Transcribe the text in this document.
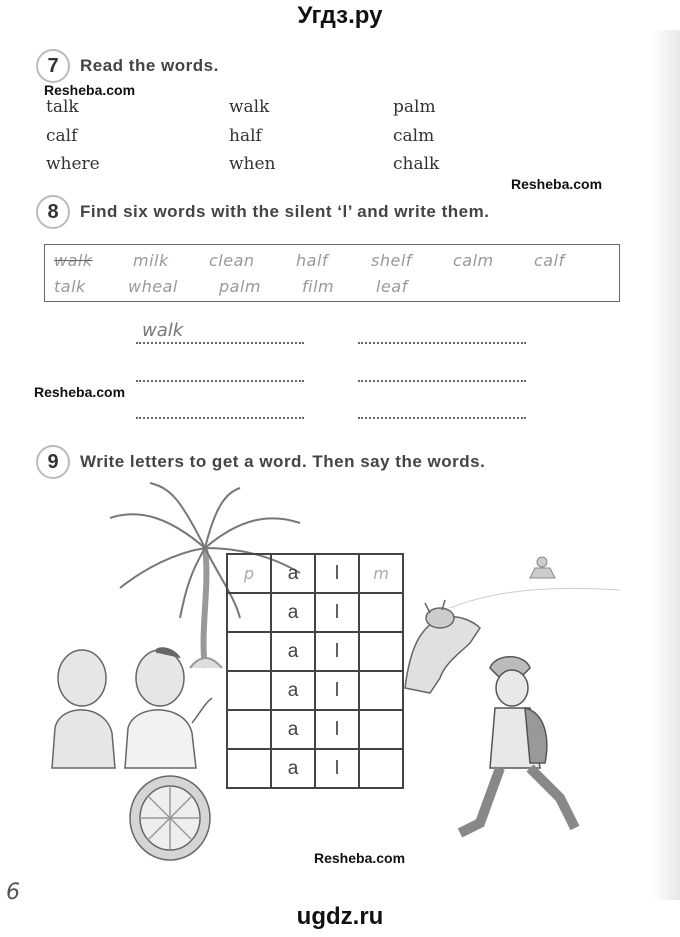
Угдз.ру
7	Read the words.
Resheba.com
talk	walk	palm
calf	half	calm
where	when	chalk
Resheba.com
8	Find six words with the silent ‘l’ and write them.
walk	milk	clean	half	shelf	calm	calf
talk	wheal	palm	film	leaf
walk
Resheba.com
9	Write letters to get a word. Then say the words.
p	a	l	m
	a	l	
	a	l	
	a	l	
	a	l	
	a	l	
Resheba.com
6
ugdz.ru
